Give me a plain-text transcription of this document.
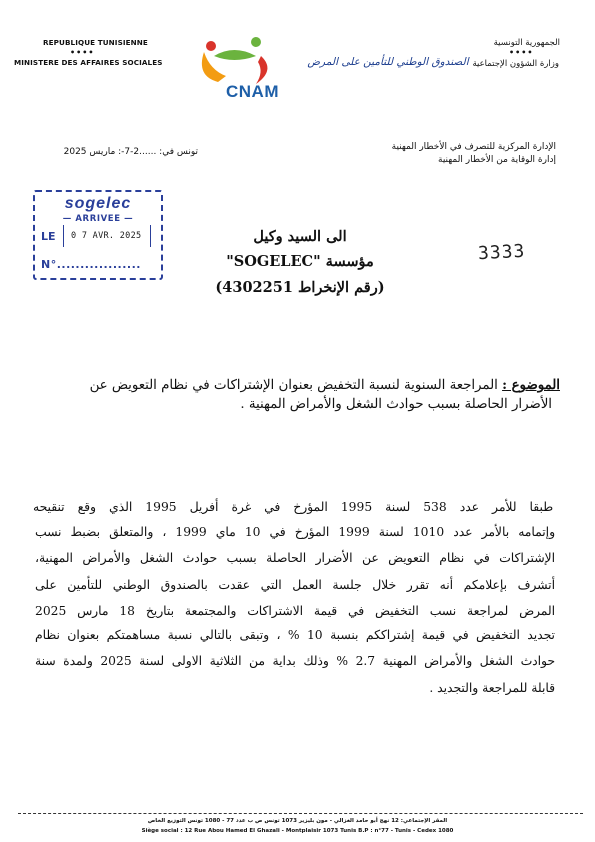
REPUBLIQUE TUNISIENNE
••••
MINISTERE DES AFFAIRES SOCIALES
الجمهورية التونسية
••••
وزارة الشؤون الإجتماعية
CNAM
الصندوق الوطني للتأمين على المرض
الإدارة المركزية للتصرف في الأخطار المهنية
إدارة الوقاية من الأخطار المهنية
تونس في: ......2-7-: ماريس 2025
sogelec
— ARRIVEE —
LE 0 7 AVR. 2025
N°..................
3333
الى السيد وكيل
مؤسسة "SOGELEC"
(رقم الإنخراط 4302251)
الموضوع : المراجعة السنوية لنسبة التخفيض بعنوان الإشتراكات في نظام التعويض عن
الأضرار الحاصلة بسبب حوادث الشغل والأمراض المهنية .
طبقا للأمر عدد 538 لسنة 1995 المؤرخ في غرة أفريل 1995 الذي وقع تنقيحه
وإتمامه بالأمر عدد 1010 لسنة 1999 المؤرخ في 10 ماي 1999 ، والمتعلق بضبط نسب
الإشتراكات في نظام التعويض عن الأضرار الحاصلة بسبب حوادث الشغل والأمراض المهنية،
أتشرف بإعلامكم أنه تقرر خلال جلسة العمل التي عقدت بالصندوق الوطني للتأمين على
المرض لمراجعة نسب التخفيض في قيمة الاشتراكات والمجتمعة بتاريخ 18 مارس 2025
تجديد التخفيض في قيمة إشتراككم بنسبة 10 % ، وتبقى بالتالي نسبة مساهمتكم بعنوان نظام
حوادث الشغل والأمراض المهنية 2.7 % وذلك بداية من الثلاثية الاولى لسنة 2025 ولمدة سنة
قابلة للمراجعة والتجديد .
المقر الإجتماعي: 12 نهج أبو حامد الغزالي - مون بليزير 1073 تونس ص ب عدد 77 - 1080 تونس التوزيع الخاص
Siège social : 12 Rue Abou Hamed El Ghazali - Montplaisir 1073 Tunis B.P : n°77 - Tunis - Cedex 1080
